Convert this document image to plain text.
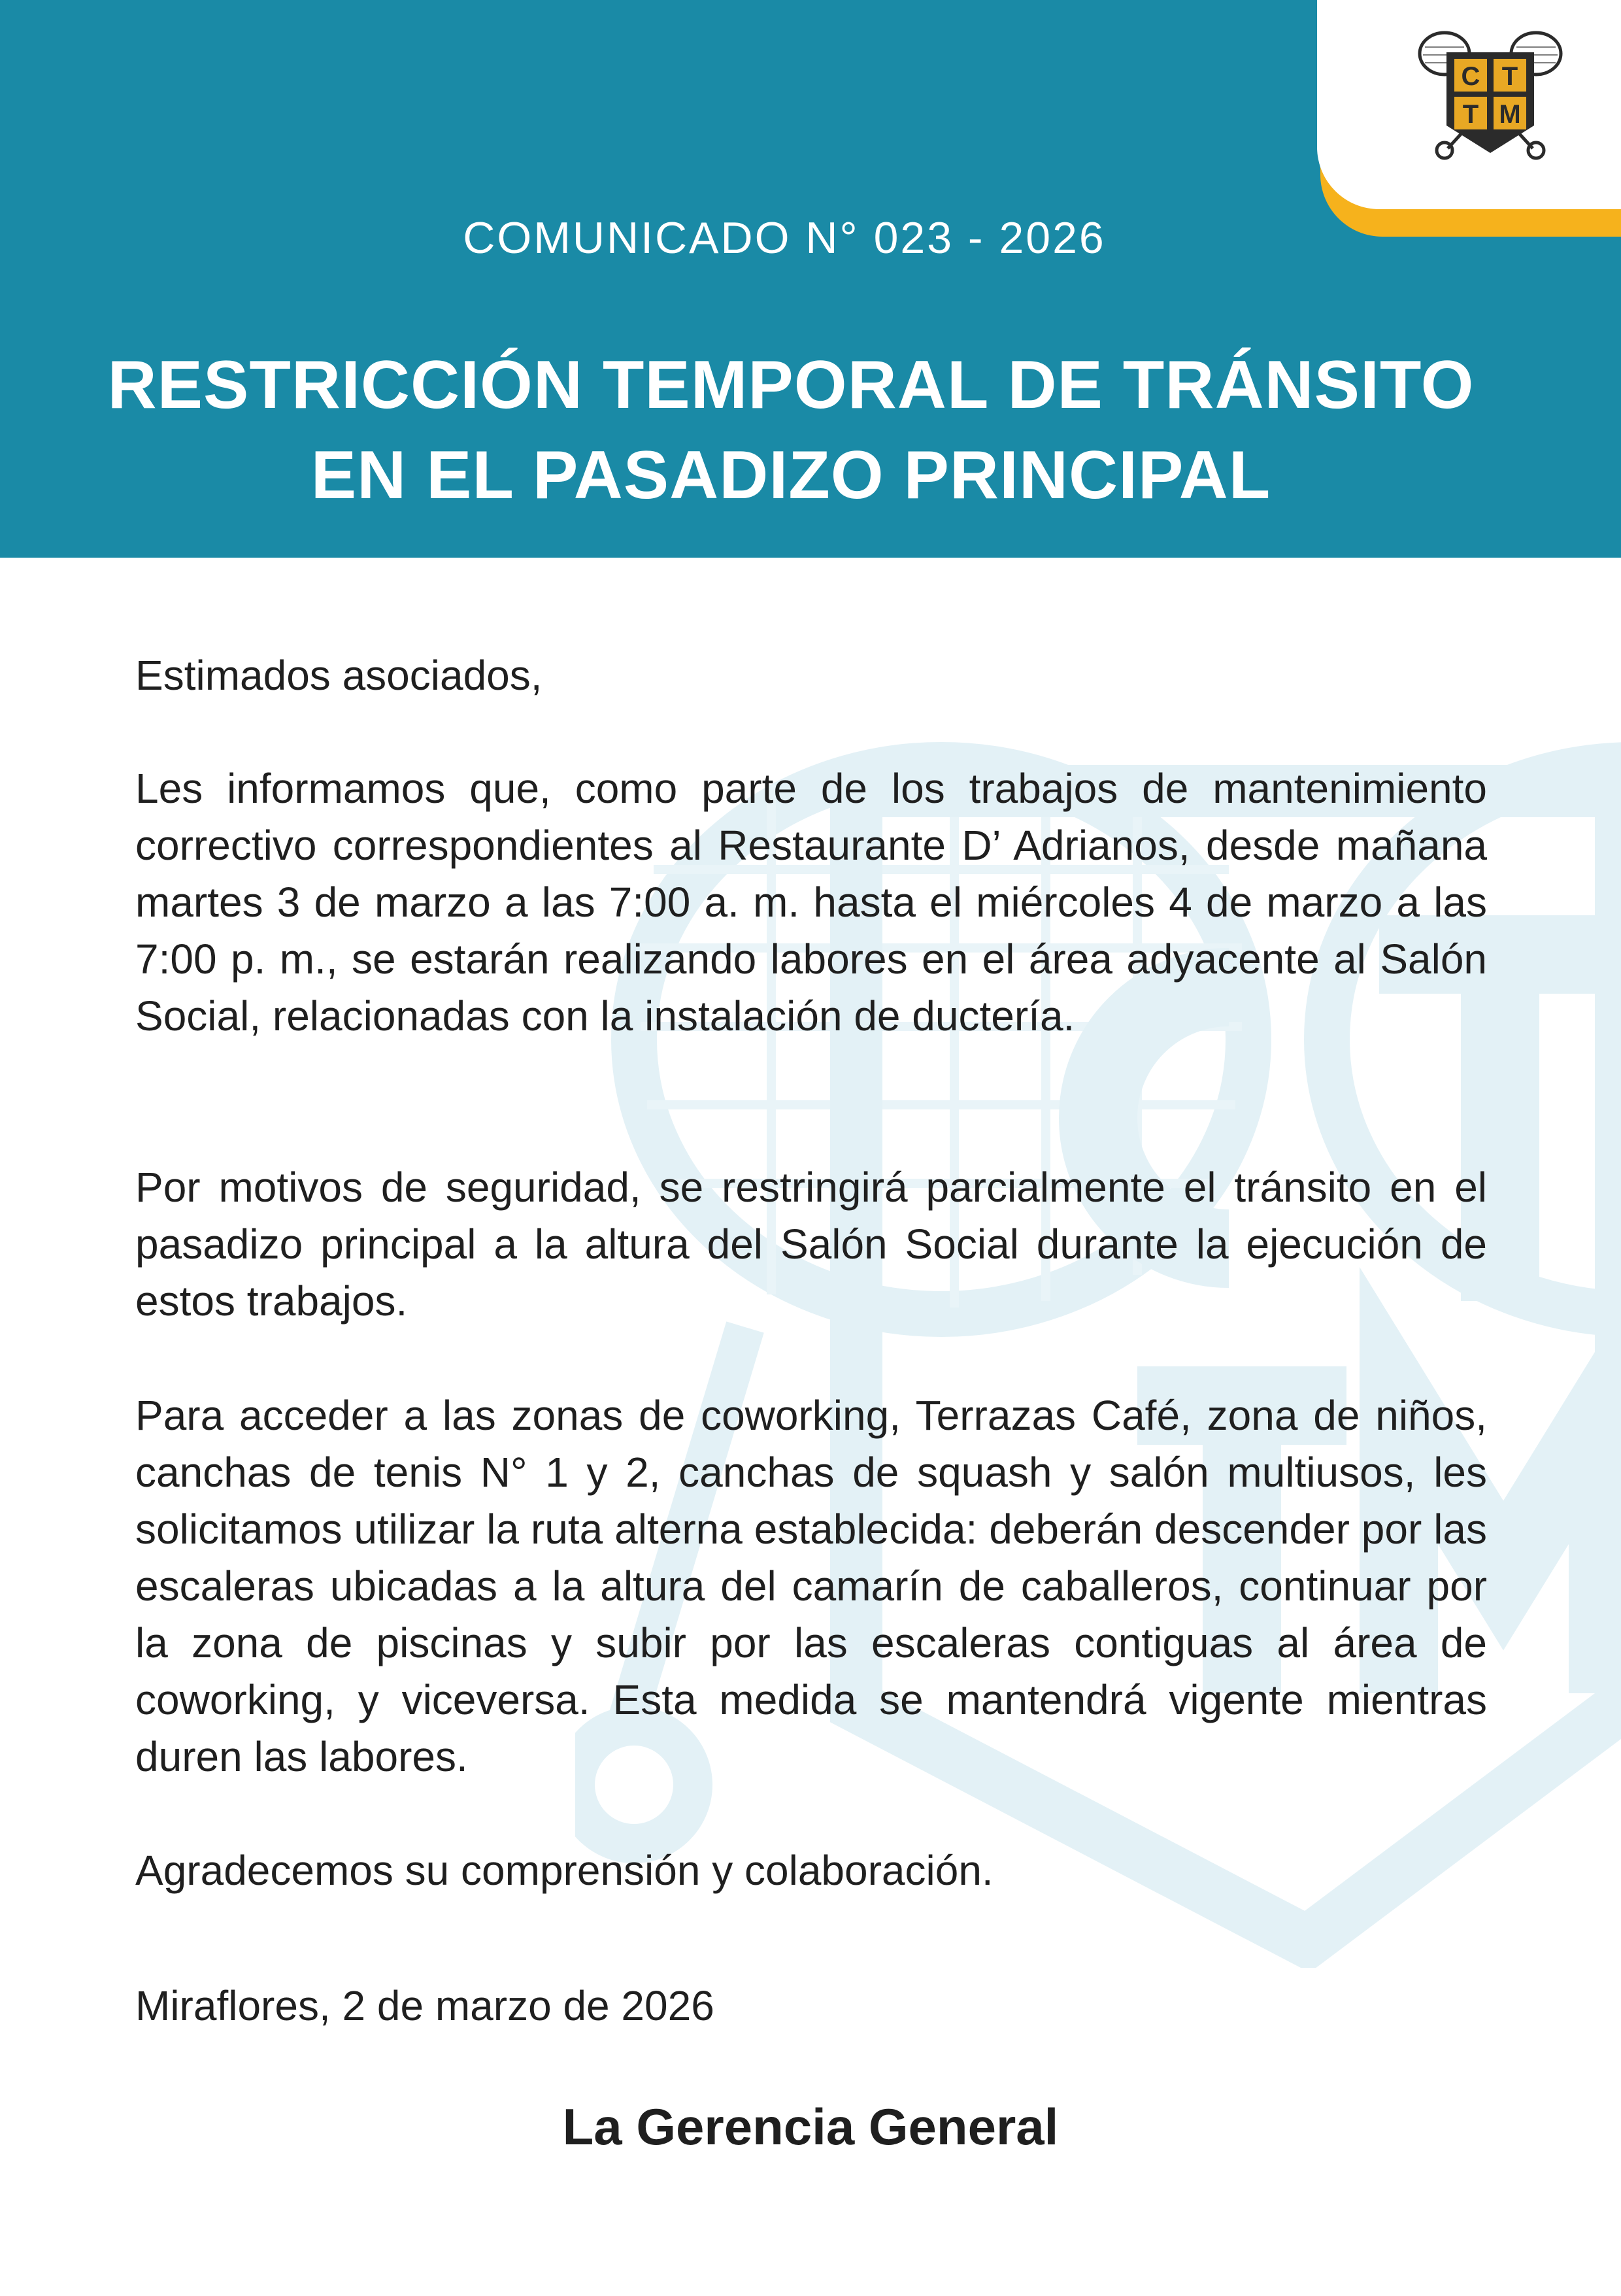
C T
T M
COMUNICADO N° 023 - 2026
RESTRICCIÓN TEMPORAL DE TRÁNSITO
EN EL PASADIZO PRINCIPAL
Estimados asociados,
Les informamos que, como parte de los trabajos de mantenimiento correctivo correspondientes al Restaurante D’ Adrianos, desde mañana martes 3 de marzo a las 7:00 a. m. hasta el miércoles 4 de marzo a las 7:00 p. m., se estarán realizando labores en el área adyacente al Salón Social, relacionadas con la instalación de ductería.
Por motivos de seguridad, se restringirá parcialmente el tránsito en el pasadizo principal a la altura del Salón Social durante la ejecución de estos trabajos.
Para acceder a las zonas de coworking, Terrazas Café, zona de niños, canchas de tenis N° 1 y 2, canchas de squash y salón multiusos, les solicitamos utilizar la ruta alterna establecida: deberán descender por las escaleras ubicadas a la altura del camarín de caballeros, continuar por la zona de piscinas y subir por las escaleras contiguas al área de coworking, y viceversa. Esta medida se mantendrá vigente mientras duren las labores.
Agradecemos su comprensión y colaboración.
Miraflores, 2 de marzo de 2026
La Gerencia General
